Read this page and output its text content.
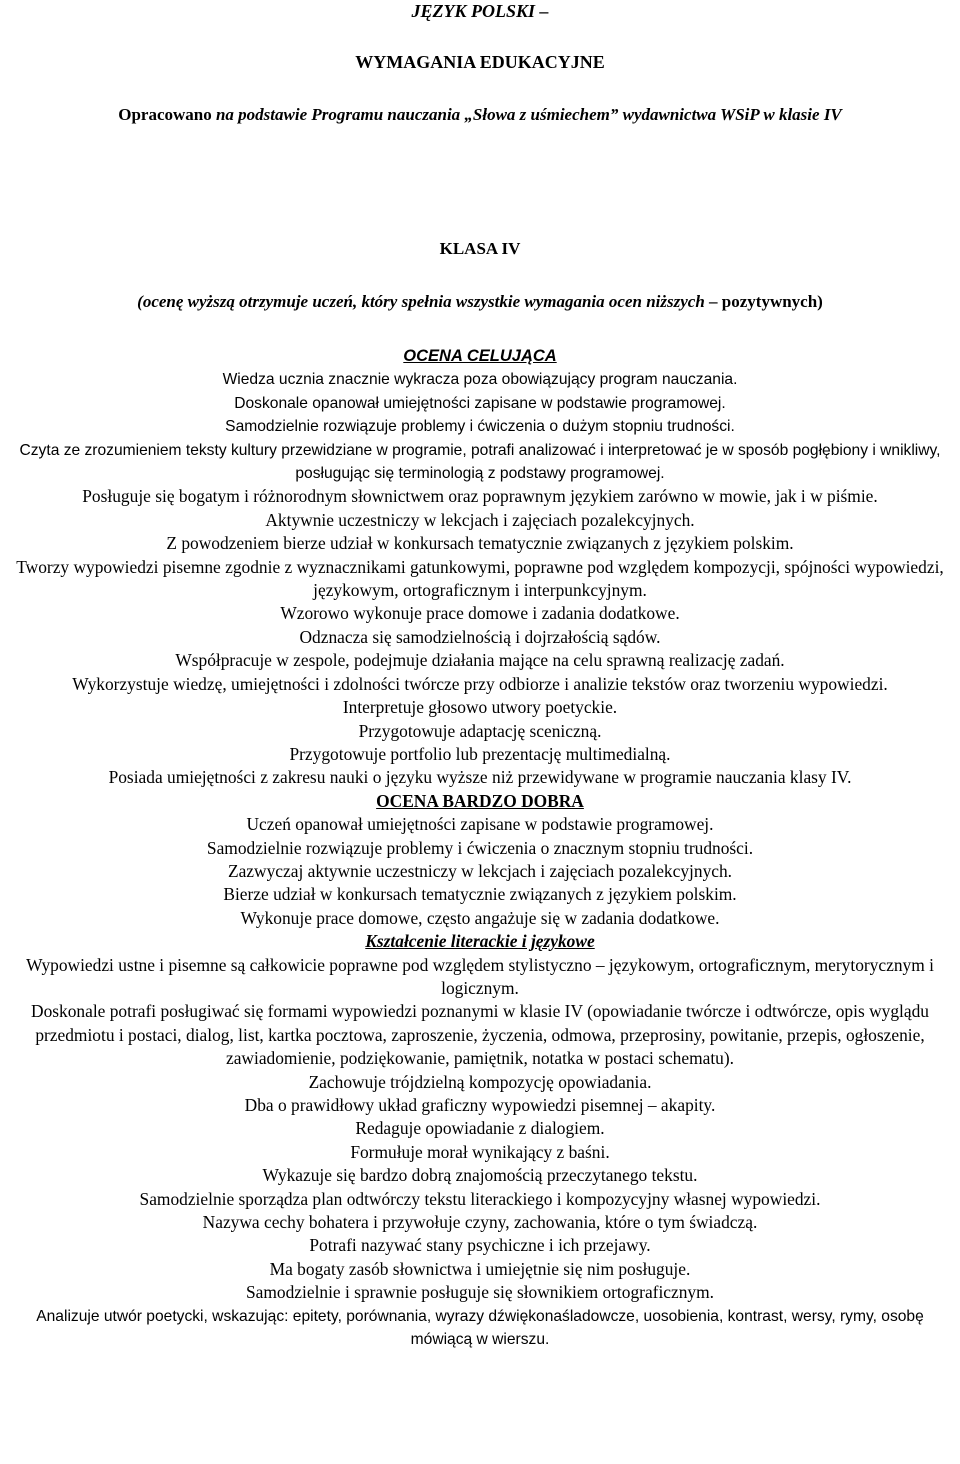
JĘZYK POLSKI –
WYMAGANIA EDUKACYJNE
Opracowano na podstawie Programu nauczania „Słowa z uśmiechem” wydawnictwa WSiP w klasie IV
KLASA IV
(ocenę wyższą otrzymuje uczeń, który spełnia wszystkie wymagania ocen niższych – pozytywnych)

OCENA CELUJĄCA

Wiedza ucznia znacznie wykracza poza obowiązujący program nauczania.

Doskonale opanował umiejętności zapisane w podstawie programowej.

Samodzielnie rozwiązuje problemy i ćwiczenia o dużym stopniu trudności.

Czyta ze zrozumieniem teksty kultury przewidziane w programie, potrafi analizować i interpretować je w sposób pogłębiony i wnikliwy, posługując się terminologią z podstawy programowej.

Posługuje się bogatym i różnorodnym słownictwem oraz poprawnym językiem zarówno w mowie, jak i w piśmie.

Aktywnie uczestniczy w lekcjach i zajęciach pozalekcyjnych.

Z powodzeniem bierze udział w konkursach tematycznie związanych z językiem polskim.

Tworzy wypowiedzi pisemne zgodnie z wyznacznikami gatunkowymi, poprawne pod względem kompozycji, spójności wypowiedzi, językowym, ortograficznym i interpunkcyjnym.

Wzorowo wykonuje prace domowe i zadania dodatkowe.

Odznacza się samodzielnością i dojrzałością sądów.

Współpracuje w zespole, podejmuje działania mające na celu sprawną realizację zadań.

Wykorzystuje wiedzę, umiejętności i zdolności twórcze przy odbiorze i analizie tekstów oraz tworzeniu wypowiedzi.

Interpretuje głosowo utwory poetyckie.

Przygotowuje adaptację sceniczną.

Przygotowuje portfolio lub prezentację multimedialną.

Posiada umiejętności z zakresu nauki o języku wyższe niż przewidywane w programie nauczania klasy IV.

OCENA BARDZO DOBRA

Uczeń opanował umiejętności zapisane w podstawie programowej.

Samodzielnie rozwiązuje problemy i ćwiczenia o znacznym stopniu trudności.

Zazwyczaj aktywnie uczestniczy w lekcjach i zajęciach pozalekcyjnych.

Bierze udział w konkursach tematycznie związanych z językiem polskim.

Wykonuje prace domowe, często angażuje się w zadania dodatkowe.

Kształcenie literackie i językowe

Wypowiedzi ustne i pisemne są całkowicie poprawne pod względem stylistyczno – językowym, ortograficznym, merytorycznym i logicznym.

Doskonale potrafi posługiwać się formami wypowiedzi poznanymi w klasie IV (opowiadanie twórcze i odtwórcze, opis wyglądu przedmiotu i postaci, dialog, list, kartka pocztowa, zaproszenie, życzenia, odmowa, przeprosiny, powitanie, przepis, ogłoszenie, zawiadomienie, podziękowanie, pamiętnik, notatka w postaci schematu).

Zachowuje trójdzielną kompozycję opowiadania.

Dba o prawidłowy układ graficzny wypowiedzi pisemnej – akapity.

Redaguje opowiadanie z dialogiem.

Formułuje morał wynikający z baśni.

Wykazuje się bardzo dobrą znajomością przeczytanego tekstu.

Samodzielnie sporządza plan odtwórczy tekstu literackiego i kompozycyjny własnej wypowiedzi.

Nazywa cechy bohatera i przywołuje czyny, zachowania, które o tym świadczą.

Potrafi nazywać stany psychiczne i ich przejawy.

Ma bogaty zasób słownictwa i umiejętnie się nim posługuje.

Samodzielnie i sprawnie posługuje się słownikiem ortograficznym.

Analizuje utwór poetycki, wskazując: epitety, porównania, wyrazy dźwiękonaśladowcze, uosobienia, kontrast, wersy, rymy, osobę mówiącą w wierszu.
